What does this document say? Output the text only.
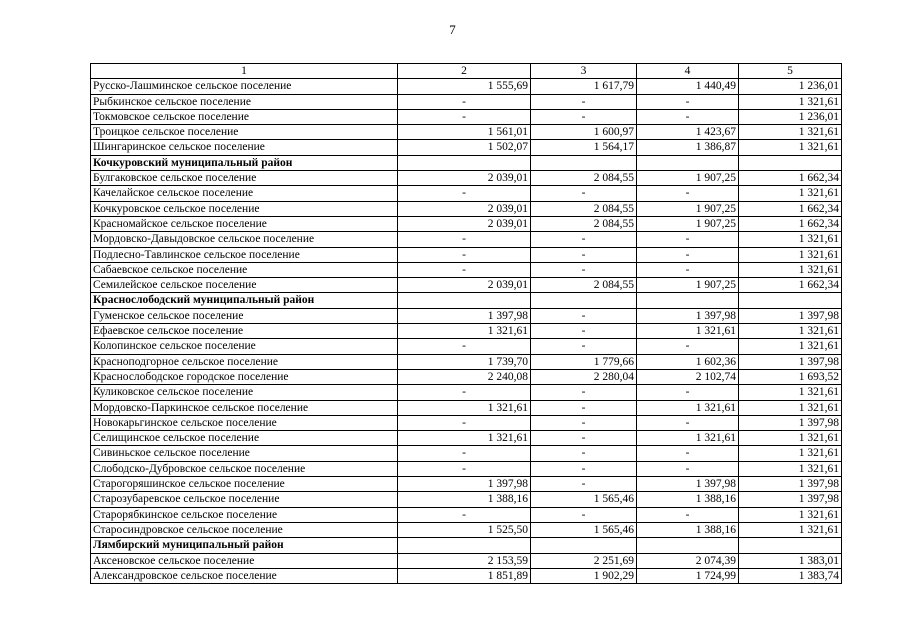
7
1	2	3	4	5
Русско-Лашминское сельское поселение	1 555,69	1 617,79	1 440,49	1 236,01
Рыбкинское сельское поселение	-	-	-	1 321,61
Токмовское сельское поселение	-	-	-	1 236,01
Троицкое сельское поселение	1 561,01	1 600,97	1 423,67	1 321,61
Шингаринское сельское поселение	1 502,07	1 564,17	1 386,87	1 321,61
Кочкуровский муниципальный район				
Булгаковское сельское поселение	2 039,01	2 084,55	1 907,25	1 662,34
Качелайское сельское поселение	-	-	-	1 321,61
Кочкуровское сельское поселение	2 039,01	2 084,55	1 907,25	1 662,34
Красномайское сельское поселение	2 039,01	2 084,55	1 907,25	1 662,34
Мордовско-Давыдовское сельское поселение	-	-	-	1 321,61
Подлесно-Тавлинское сельское поселение	-	-	-	1 321,61
Сабаевское сельское поселение	-	-	-	1 321,61
Семилейское сельское поселение	2 039,01	2 084,55	1 907,25	1 662,34
Краснослободский муниципальный район				
Гуменское сельское поселение	1 397,98	-	1 397,98	1 397,98
Ефаевское сельское поселение	1 321,61	-	1 321,61	1 321,61
Колопинское сельское поселение	-	-	-	1 321,61
Краснoподгорное сельское поселение	1 739,70	1 779,66	1 602,36	1 397,98
Краснослободское городское поселение	2 240,08	2 280,04	2 102,74	1 693,52
Куликовское сельское поселение	-	-	-	1 321,61
Мордовско-Паркинское сельское поселение	1 321,61	-	1 321,61	1 321,61
Новокарьгинское сельское поселение	-	-	-	1 397,98
Селищинское сельское поселение	1 321,61	-	1 321,61	1 321,61
Сивиньское сельское поселение	-	-	-	1 321,61
Слободско-Дубровское сельское поселение	-	-	-	1 321,61
Старогоряшинское сельское поселение	1 397,98	-	1 397,98	1 397,98
Старозубаревское сельское поселение	1 388,16	1 565,46	1 388,16	1 397,98
Старорябкинское сельское поселение	-	-	-	1 321,61
Старосиндровское сельское поселение	1 525,50	1 565,46	1 388,16	1 321,61
Лямбирский муниципальный район				
Аксеновское сельское поселение	2 153,59	2 251,69	2 074,39	1 383,01
Александровское сельское поселение	1 851,89	1 902,29	1 724,99	1 383,74
